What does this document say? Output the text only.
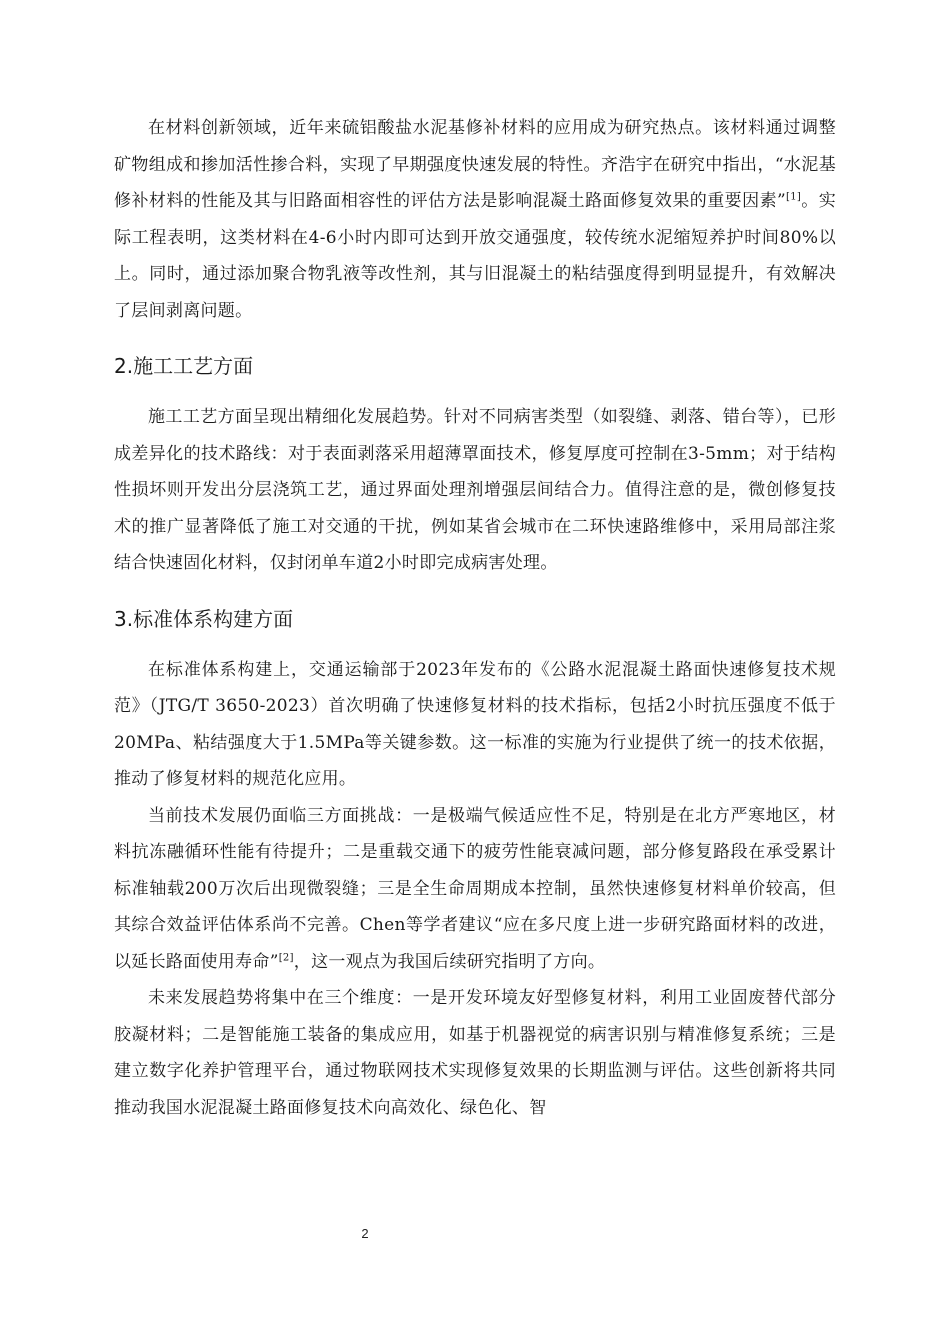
在材料创新领域，近年来硫铝酸盐水泥基修补材料的应用成为研究热点。该材料通过调整矿物组成和掺加活性掺合料，实现了早期强度快速发展的特性。齐浩宇在研究中指出，“水泥基修补材料的性能及其与旧路面相容性的评估方法是影响混凝土路面修复效果的重要因素”[1]。实际工程表明，这类材料在4-6小时内即可达到开放交通强度，较传统水泥缩短养护时间80%以上。同时，通过添加聚合物乳液等改性剂，其与旧混凝土的粘结强度得到明显提升，有效解决了层间剥离问题。

2.施工工艺方面

施工工艺方面呈现出精细化发展趋势。针对不同病害类型（如裂缝、剥落、错台等），已形成差异化的技术路线：对于表面剥落采用超薄罩面技术，修复厚度可控制在3-5mm；对于结构性损坏则开发出分层浇筑工艺，通过界面处理剂增强层间结合力。值得注意的是，微创修复技术的推广显著降低了施工对交通的干扰，例如某省会城市在二环快速路维修中，采用局部注浆结合快速固化材料，仅封闭单车道2小时即完成病害处理。

3.标准体系构建方面

在标准体系构建上，交通运输部于2023年发布的《公路水泥混凝土路面快速修复技术规范》（JTG/T 3650-2023）首次明确了快速修复材料的技术指标，包括2小时抗压强度不低于20MPa、粘结强度大于1.5MPa等关键参数。这一标准的实施为行业提供了统一的技术依据，推动了修复材料的规范化应用。

当前技术发展仍面临三方面挑战：一是极端气候适应性不足，特别是在北方严寒地区，材料抗冻融循环性能有待提升；二是重载交通下的疲劳性能衰减问题，部分修复路段在承受累计标准轴载200万次后出现微裂缝；三是全生命周期成本控制，虽然快速修复材料单价较高，但其综合效益评估体系尚不完善。Chen等学者建议“应在多尺度上进一步研究路面材料的改进，以延长路面使用寿命”[2]，这一观点为我国后续研究指明了方向。

未来发展趋势将集中在三个维度：一是开发环境友好型修复材料，利用工业固废替代部分胶凝材料；二是智能施工装备的集成应用，如基于机器视觉的病害识别与精准修复系统；三是建立数字化养护管理平台，通过物联网技术实现修复效果的长期监测与评估。这些创新将共同推动我国水泥混凝土路面修复技术向高效化、绿色化、智

2
